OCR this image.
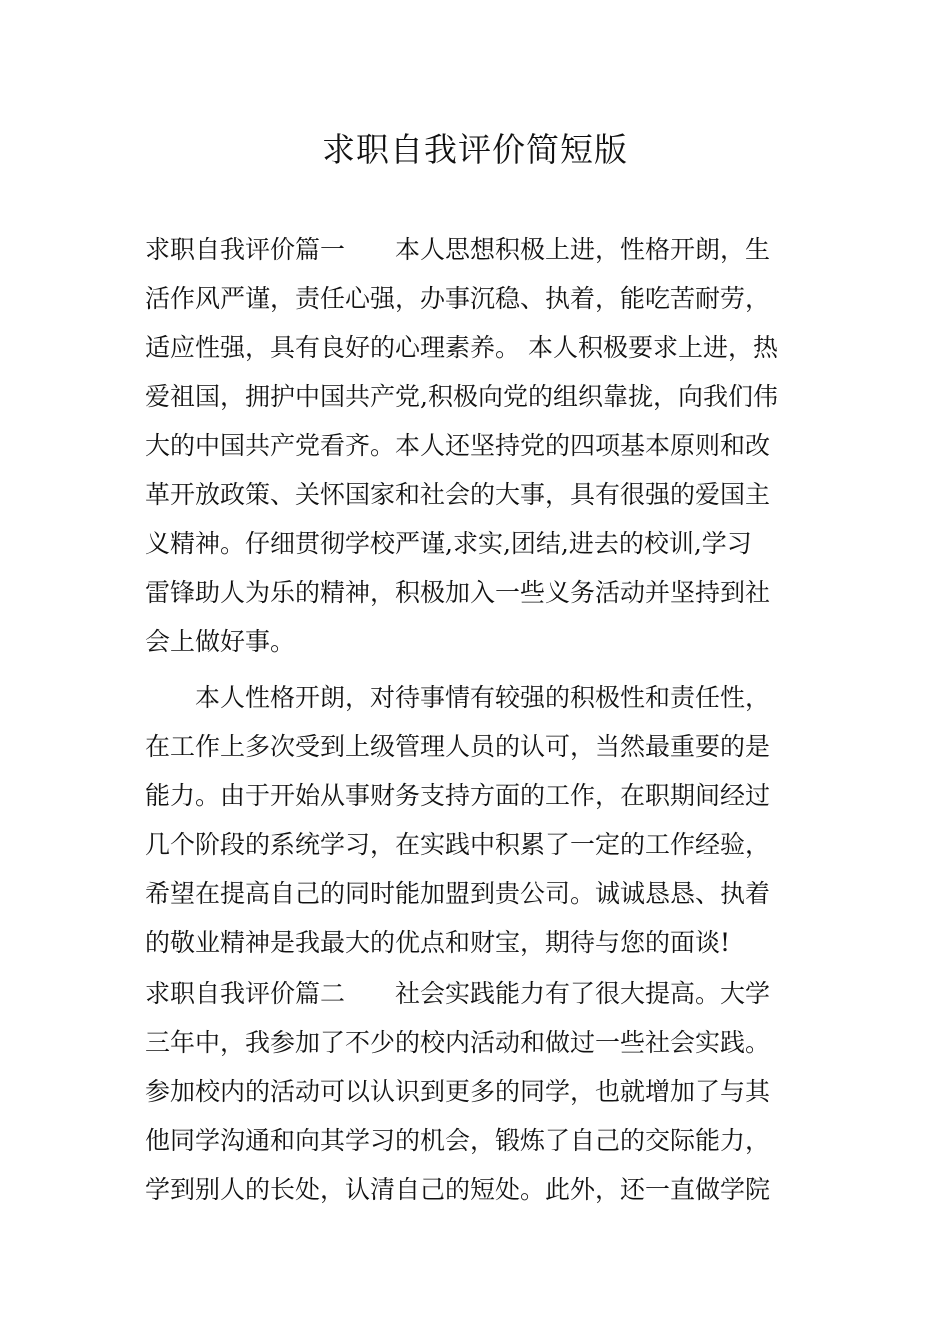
求职自我评价简短版
求职自我评价篇一　　本人思想积极上进，性格开朗，生
活作风严谨，责任心强，办事沉稳、执着，能吃苦耐劳，
适应性强，具有良好的心理素养。 本人积极要求上进，热
爱祖国，拥护中国共产党,积极向党的组织靠拢，向我们伟
大的中国共产党看齐。本人还坚持党的四项基本原则和改
革开放政策、关怀国家和社会的大事，具有很强的爱国主
义精神。仔细贯彻学校严谨,求实,团结,进去的校训,学习
雷锋助人为乐的精神，积极加入一些义务活动并坚持到社
会上做好事。
　　本人性格开朗，对待事情有较强的积极性和责任性，
在工作上多次受到上级管理人员的认可，当然最重要的是
能力。由于开始从事财务支持方面的工作，在职期间经过
几个阶段的系统学习，在实践中积累了一定的工作经验，
希望在提高自己的同时能加盟到贵公司。诚诚恳恳、执着
的敬业精神是我最大的优点和财宝，期待与您的面谈!
求职自我评价篇二　　社会实践能力有了很大提高。大学
三年中，我参加了不少的校内活动和做过一些社会实践。
参加校内的活动可以认识到更多的同学，也就增加了与其
他同学沟通和向其学习的机会，锻炼了自己的交际能力，
学到别人的长处，认清自己的短处。此外，还一直做学院
